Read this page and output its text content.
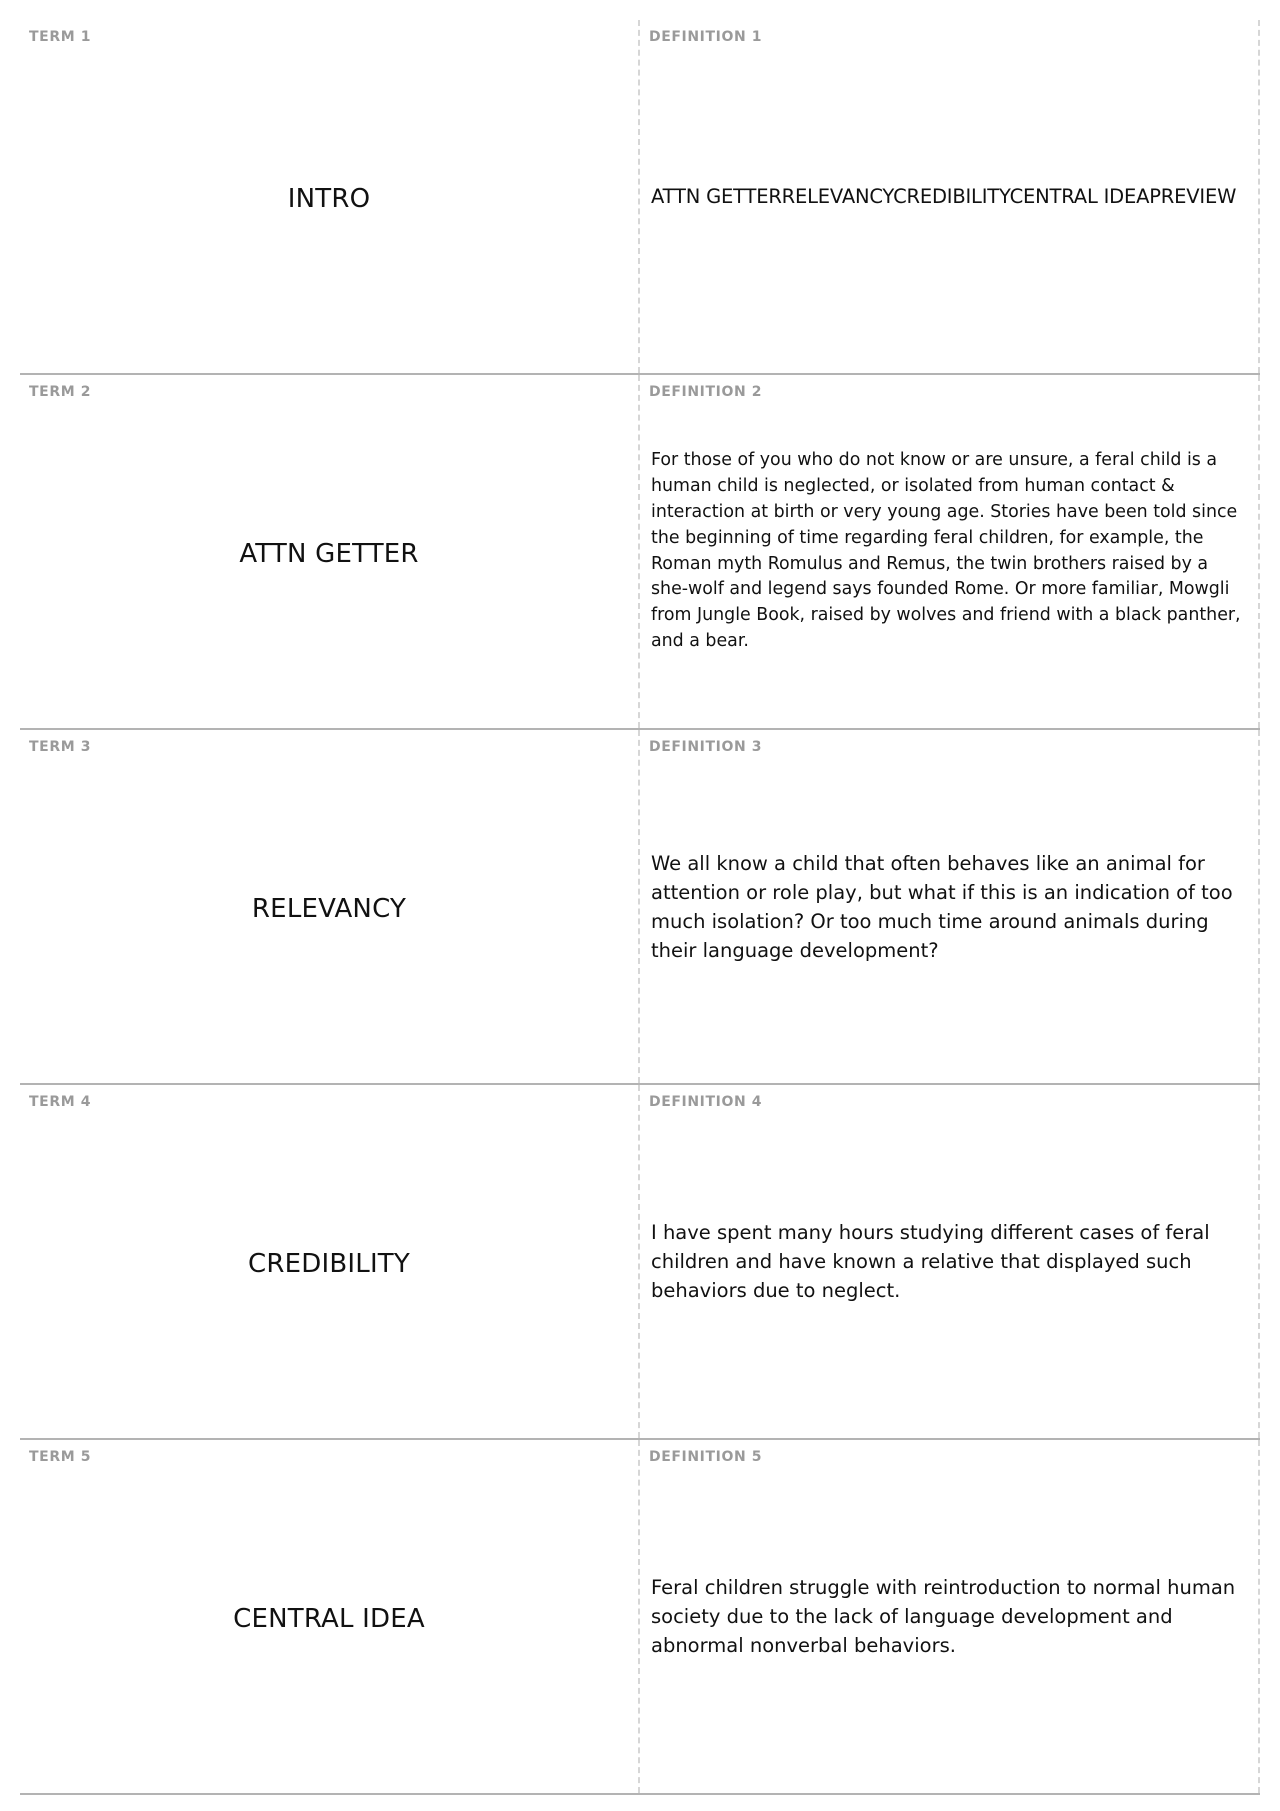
TERM 1
INTRO
DEFINITION 1
ATTN GETTERRELEVANCYCREDIBILITYCENTRAL IDEAPREVIEW
TERM 2
ATTN GETTER
DEFINITION 2
For those of you who do not know or are unsure, a feral child is a human child is neglected, or isolated from human contact & interaction at birth or very young age. Stories have been told since the beginning of time regarding feral children, for example, the Roman myth Romulus and Remus, the twin brothers raised by a she-wolf and legend says founded Rome. Or more familiar, Mowgli from Jungle Book, raised by wolves and friend with a black panther, and a bear.
TERM 3
RELEVANCY
DEFINITION 3
We all know a child that often behaves like an animal for attention or role play, but what if this is an indication of too much isolation? Or too much time around animals during their language development?
TERM 4
CREDIBILITY
DEFINITION 4
I have spent many hours studying different cases of feral children and have known a relative that displayed such behaviors due to neglect.
TERM 5
CENTRAL IDEA
DEFINITION 5
Feral children struggle with reintroduction to normal human society due to the lack of language development and abnormal nonverbal behaviors.
